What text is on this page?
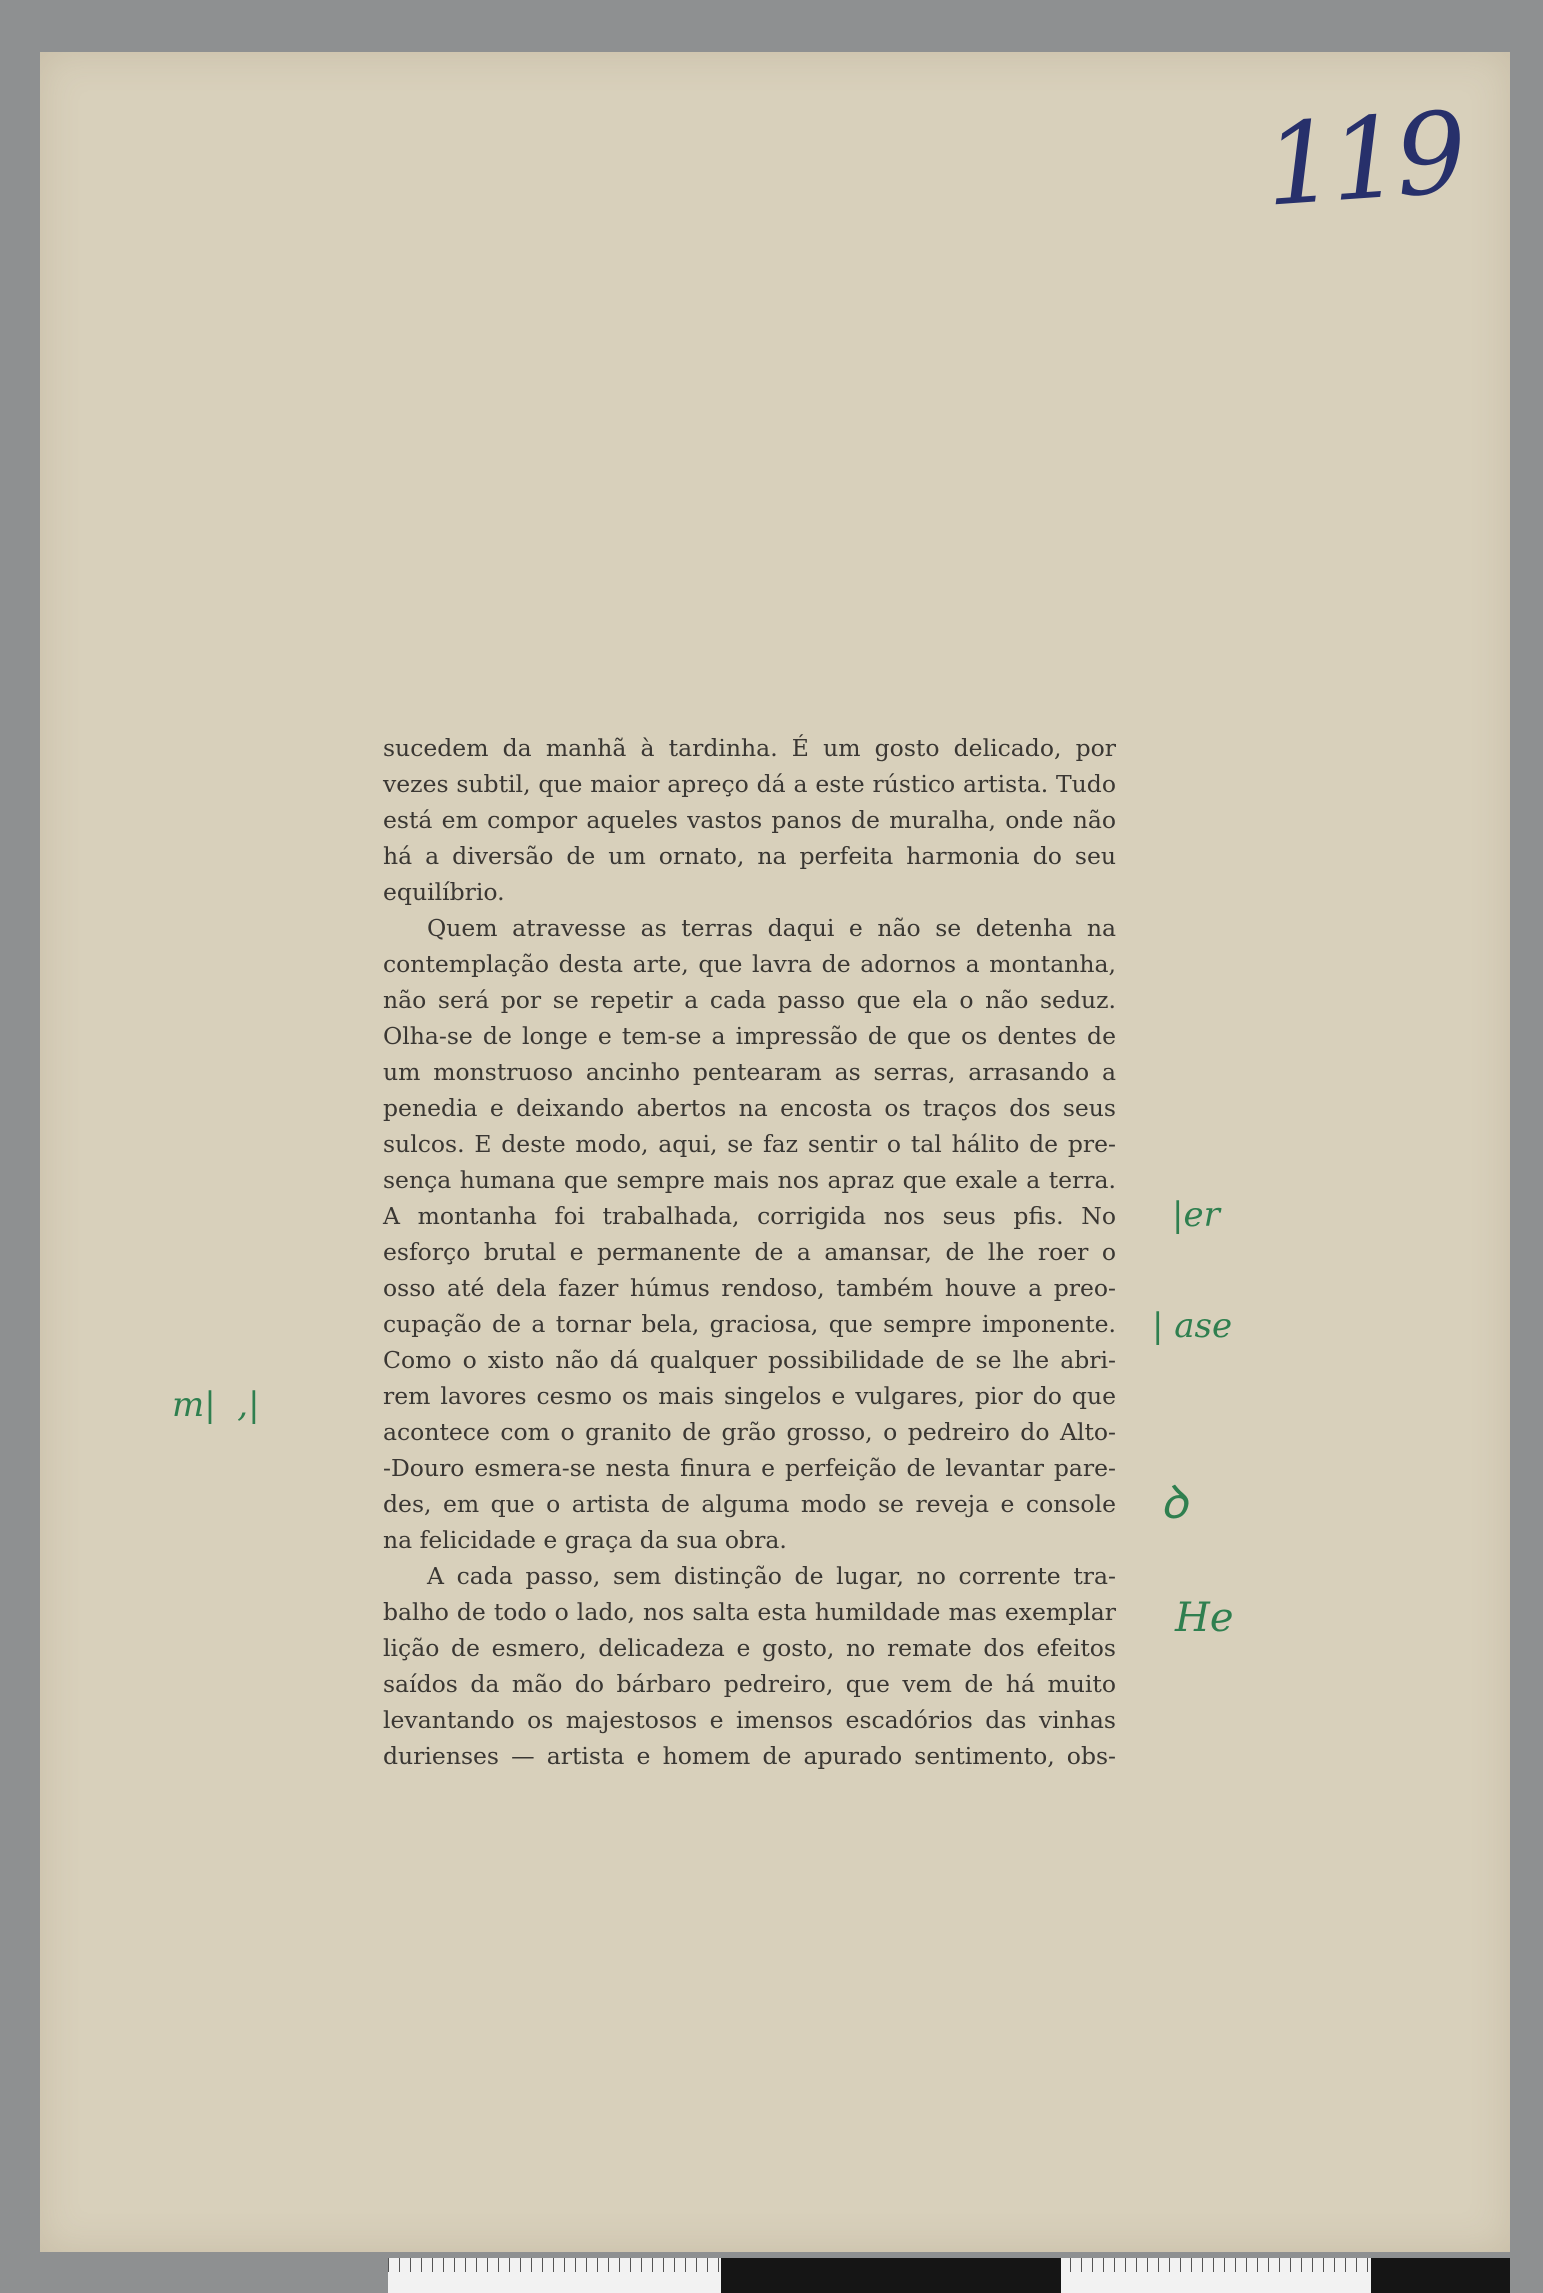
119
sucedem da manhã à tardinha. É um gosto delicado, por
vezes subtil, que maior apreço dá a este rústico artista. Tudo
está em compor aqueles vastos panos de muralha, onde não
há a diversão de um ornato, na perfeita harmonia do seu
equilíbrio.
Quem atravesse as terras daqui e não se detenha na
contemplação desta arte, que lavra de adornos a montanha,
não será por se repetir a cada passo que ela o não seduz.
Olha-se de longe e tem-se a impressão de que os dentes de
um monstruoso ancinho pentearam as serras, arrasando a
penedia e deixando abertos na encosta os traços dos seus
sulcos. E deste modo, aqui, se faz sentir o tal hálito de pre-
sença humana que sempre mais nos apraz que exale a terra.
A montanha foi trabalhada, corrigida nos seus pfis. No
esforço brutal e permanente de a amansar, de lhe roer o
osso até dela fazer húmus rendoso, também houve a preo-
cupação de a tornar bela, graciosa, que sempre imponente.
Como o xisto não dá qualquer possibilidade de se lhe abri-
rem lavores cesmo os mais singelos e vulgares, pior do que
acontece com o granito de grão grosso, o pedreiro do Alto-
-Douro esmera-se nesta finura e perfeição de levantar pare-
des, em que o artista de alguma modo se reveja e console
na felicidade e graça da sua obra.
A cada passo, sem distinção de lugar, no corrente tra-
balho de todo o lado, nos salta esta humildade mas exemplar
lição de esmero, delicadeza e gosto, no remate dos efeitos
saídos da mão do bárbaro pedreiro, que vem de há muito
levantando os majestosos e imensos escadórios das vinhas
durienses — artista e homem de apurado sentimento, obs-
|er
| ase
ꝺ
He
m|  ,|
